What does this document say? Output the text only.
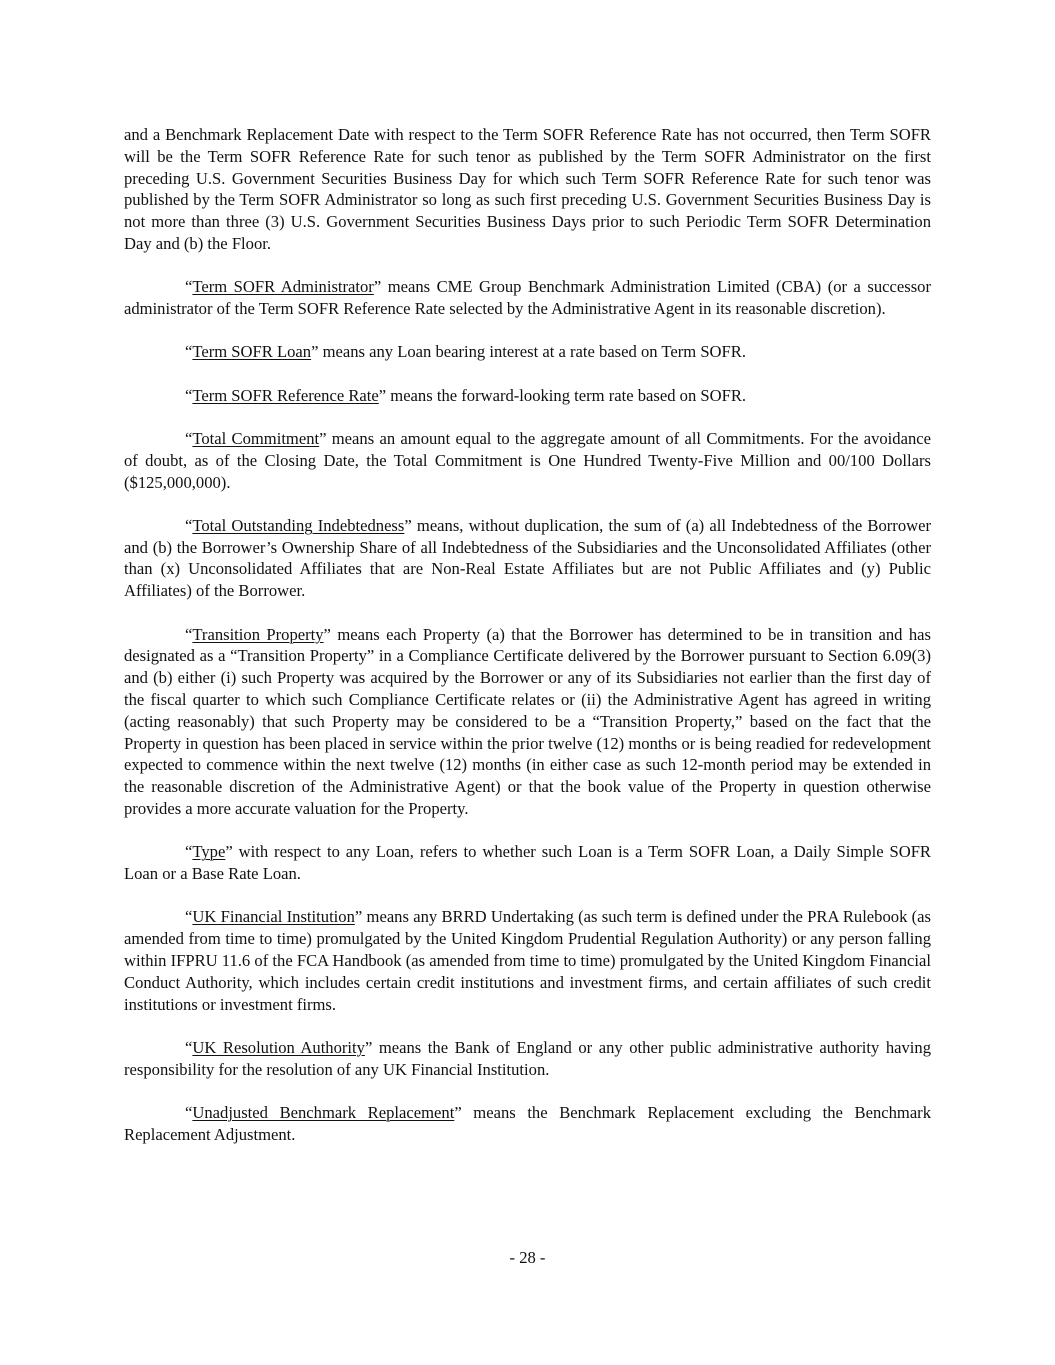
and a Benchmark Replacement Date with respect to the Term SOFR Reference Rate has not occurred, then Term SOFR will be the Term SOFR Reference Rate for such tenor as published by the Term SOFR Administrator on the first preceding U.S. Government Securities Business Day for which such Term SOFR Reference Rate for such tenor was published by the Term SOFR Administrator so long as such first preceding U.S. Government Securities Business Day is not more than three (3) U.S. Government Securities Business Days prior to such Periodic Term SOFR Determination Day and (b) the Floor.

“Term SOFR Administrator” means CME Group Benchmark Administration Limited (CBA) (or a successor administrator of the Term SOFR Reference Rate selected by the Administrative Agent in its reasonable discretion).

“Term SOFR Loan” means any Loan bearing interest at a rate based on Term SOFR.

“Term SOFR Reference Rate” means the forward-looking term rate based on SOFR.

“Total Commitment” means an amount equal to the aggregate amount of all Commitments. For the avoidance of doubt, as of the Closing Date, the Total Commitment is One Hundred Twenty-Five Million and 00/100 Dollars ($125,000,000).

“Total Outstanding Indebtedness” means, without duplication, the sum of (a) all Indebtedness of the Borrower and (b) the Borrower’s Ownership Share of all Indebtedness of the Subsidiaries and the Unconsolidated Affiliates (other than (x) Unconsolidated Affiliates that are Non-Real Estate Affiliates but are not Public Affiliates and (y) Public Affiliates) of the Borrower.

“Transition Property” means each Property (a) that the Borrower has determined to be in transition and has designated as a “Transition Property” in a Compliance Certificate delivered by the Borrower pursuant to Section 6.09(3) and (b) either (i) such Property was acquired by the Borrower or any of its Subsidiaries not earlier than the first day of the fiscal quarter to which such Compliance Certificate relates or (ii) the Administrative Agent has agreed in writing (acting reasonably) that such Property may be considered to be a “Transition Property,” based on the fact that the Property in question has been placed in service within the prior twelve (12) months or is being readied for redevelopment expected to commence within the next twelve (12) months (in either case as such 12-month period may be extended in the reasonable discretion of the Administrative Agent) or that the book value of the Property in question otherwise provides a more accurate valuation for the Property.

“Type” with respect to any Loan, refers to whether such Loan is a Term SOFR Loan, a Daily Simple SOFR Loan or a Base Rate Loan.

“UK Financial Institution” means any BRRD Undertaking (as such term is defined under the PRA Rulebook (as amended from time to time) promulgated by the United Kingdom Prudential Regulation Authority) or any person falling within IFPRU 11.6 of the FCA Handbook (as amended from time to time) promulgated by the United Kingdom Financial Conduct Authority, which includes certain credit institutions and investment firms, and certain affiliates of such credit institutions or investment firms.

“UK Resolution Authority” means the Bank of England or any other public administrative authority having responsibility for the resolution of any UK Financial Institution.

“Unadjusted Benchmark Replacement” means the Benchmark Replacement excluding the Benchmark Replacement Adjustment.

- 28 -
